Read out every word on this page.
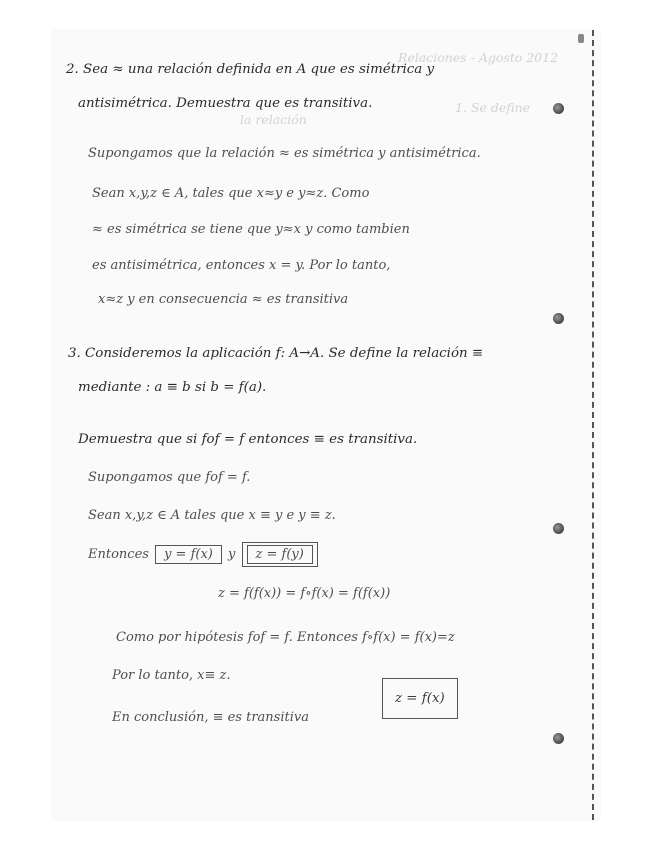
Relaciones - Agosto 2012
1. Se define
la relación
2. Sea ≈ una relación definida en A que es simétrica y
antisimétrica. Demuestra que es transitiva.
Supongamos que la relación ≈ es simétrica y antisimétrica.
Sean x,y,z ∈ A, tales que x≈y e y≈z. Como
≈ es simétrica se tiene que y≈x y como tambien
es antisimétrica, entonces x = y. Por lo tanto,
x≈z y en consecuencia ≈ es transitiva
3. Consideremos la aplicación f: A→A. Se define la relación ≡
mediante : a ≡ b si b = f(a).
Demuestra que si fof = f entonces ≡ es transitiva.
Supongamos que fof = f.
Sean x,y,z ∈ A tales que x ≡ y e y ≡ z.
Entonces y = f(x) y z = f(y)
z = f(f(x)) = f∘f(x) = f(f(x))
Como por hipótesis fof = f. Entonces f∘f(x) = f(x)=z
Por lo tanto, x≡ z.
En conclusión, ≡ es transitiva
z = f(x)
